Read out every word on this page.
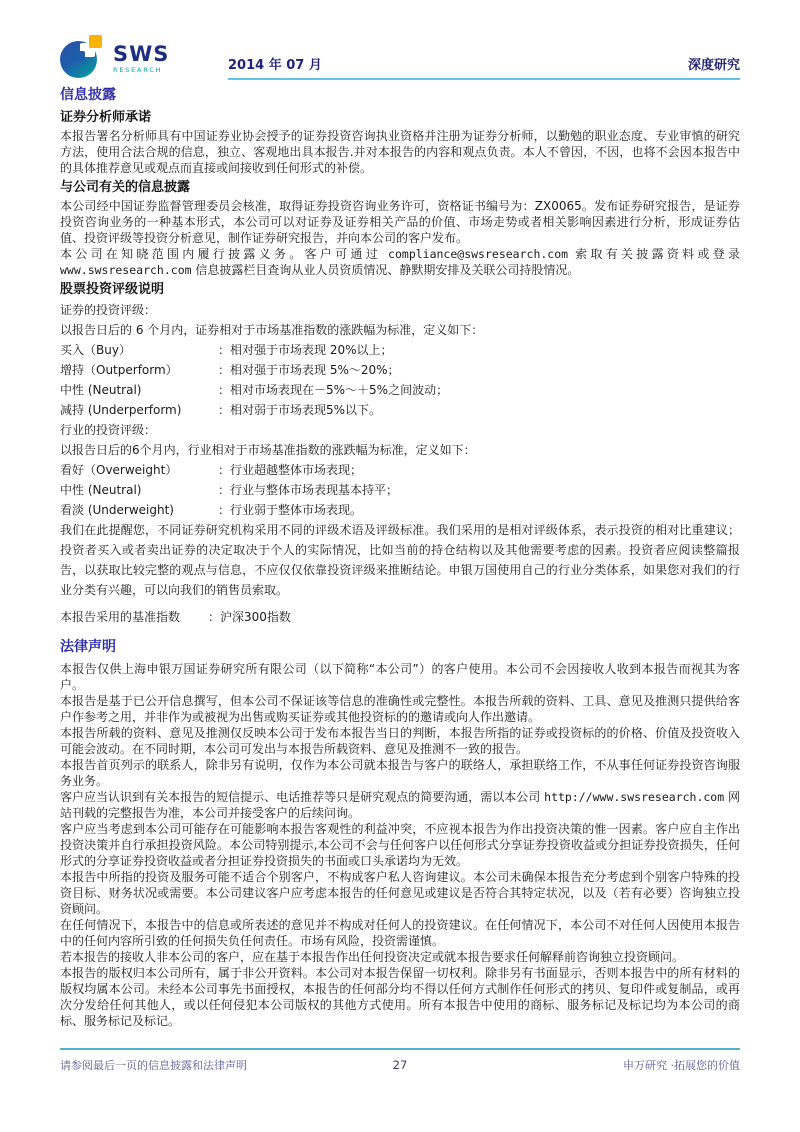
SWS
RESEARCH	2014 年 07 月	深度研究
信息披露
证券分析师承诺

本报告署名分析师具有中国证券业协会授予的证券投资咨询执业资格并注册为证券分析师，以勤勉的职业态度、专业审慎的研究方法，使用合法合规的信息，独立、客观地出具本报告.并对本报告的内容和观点负责。本人不曾因，不因，也将不会因本报告中的具体推荐意见或观点而直接或间接收到任何形式的补偿。

与公司有关的信息披露

本公司经中国证券监督管理委员会核准，取得证券投资咨询业务许可，资格证书编号为：ZX0065。发布证券研究报告，是证券投资咨询业务的一种基本形式，本公司可以对证券及证券相关产品的价值、市场走势或者相关影响因素进行分析，形成证券估值、投资评级等投资分析意见，制作证券研究报告，并向本公司的客户发布。

本公司在知晓范围内履行披露义务。客户可通过 compliance@swsresearch.com 索取有关披露资料或登录 www.swsresearch.com 信息披露栏目查询从业人员资质情况、静默期安排及关联公司持股情况。

股票投资评级说明
证券的投资评级：
以报告日后的 6 个月内，证券相对于市场基准指数的涨跌幅为标准，定义如下：
买入（Buy）	：相对强于市场表现 20%以上；
增持（Outperform）	：相对强于市场表现 5%～20%；
中性 (Neutral)	：相对市场表现在－5%～＋5%之间波动；
减持 (Underperform)	：相对弱于市场表现5%以下。
行业的投资评级：
以报告日后的6个月内，行业相对于市场基准指数的涨跌幅为标准，定义如下：
看好（Overweight）	：行业超越整体市场表现；
中性 (Neutral)	：行业与整体市场表现基本持平；
看淡 (Underweight)	：行业弱于整体市场表现。

我们在此提醒您，不同证券研究机构采用不同的评级术语及评级标准。我们采用的是相对评级体系，表示投资的相对比重建议；投资者买入或者卖出证券的决定取决于个人的实际情况，比如当前的持仓结构以及其他需要考虑的因素。投资者应阅读整篇报告，以获取比较完整的观点与信息，不应仅仅依靠投资评级来推断结论。申银万国使用自己的行业分类体系，如果您对我们的行业分类有兴趣，可以向我们的销售员索取。

本报告采用的基准指数	：沪深300指数
法律声明

本报告仅供上海申银万国证券研究所有限公司（以下简称“本公司”）的客户使用。本公司不会因接收人收到本报告而视其为客户。

本报告是基于已公开信息撰写，但本公司不保证该等信息的准确性或完整性。本报告所载的资料、工具、意见及推测只提供给客户作参考之用，并非作为或被视为出售或购买证券或其他投资标的的邀请或向人作出邀请。

本报告所载的资料、意见及推测仅反映本公司于发布本报告当日的判断，本报告所指的证券或投资标的的价格、价值及投资收入可能会波动。在不同时期，本公司可发出与本报告所载资料、意见及推测不一致的报告。

本报告首页列示的联系人，除非另有说明，仅作为本公司就本报告与客户的联络人，承担联络工作，不从事任何证券投资咨询服务业务。

客户应当认识到有关本报告的短信提示、电话推荐等只是研究观点的简要沟通，需以本公司 http://www.swsresearch.com 网站刊载的完整报告为准，本公司并接受客户的后续问询。

客户应当考虑到本公司可能存在可能影响本报告客观性的利益冲突，不应视本报告为作出投资决策的惟一因素。客户应自主作出投资决策并自行承担投资风险。本公司特别提示,本公司不会与任何客户以任何形式分享证券投资收益或分担证券投资损失，任何形式的分享证券投资收益或者分担证券投资损失的书面或口头承诺均为无效。

本报告中所指的投资及服务可能不适合个别客户，不构成客户私人咨询建议。本公司未确保本报告充分考虑到个别客户特殊的投资目标、财务状况或需要。本公司建议客户应考虑本报告的任何意见或建议是否符合其特定状况，以及（若有必要）咨询独立投资顾问。

在任何情况下，本报告中的信息或所表述的意见并不构成对任何人的投资建议。在任何情况下，本公司不对任何人因使用本报告中的任何内容所引致的任何损失负任何责任。市场有风险，投资需谨慎。

若本报告的接收人非本公司的客户，应在基于本报告作出任何投资决定或就本报告要求任何解释前咨询独立投资顾问。

本报告的版权归本公司所有，属于非公开资料。本公司对本报告保留一切权利。除非另有书面显示，否则本报告中的所有材料的版权均属本公司。未经本公司事先书面授权，本报告的任何部分均不得以任何方式制作任何形式的拷贝、复印件或复制品，或再次分发给任何其他人，或以任何侵犯本公司版权的其他方式使用。所有本报告中使用的商标、服务标记及标记均为本公司的商标、服务标记及标记。

请参阅最后一页的信息披露和法律声明	27	申万研究 ·拓展您的价值
